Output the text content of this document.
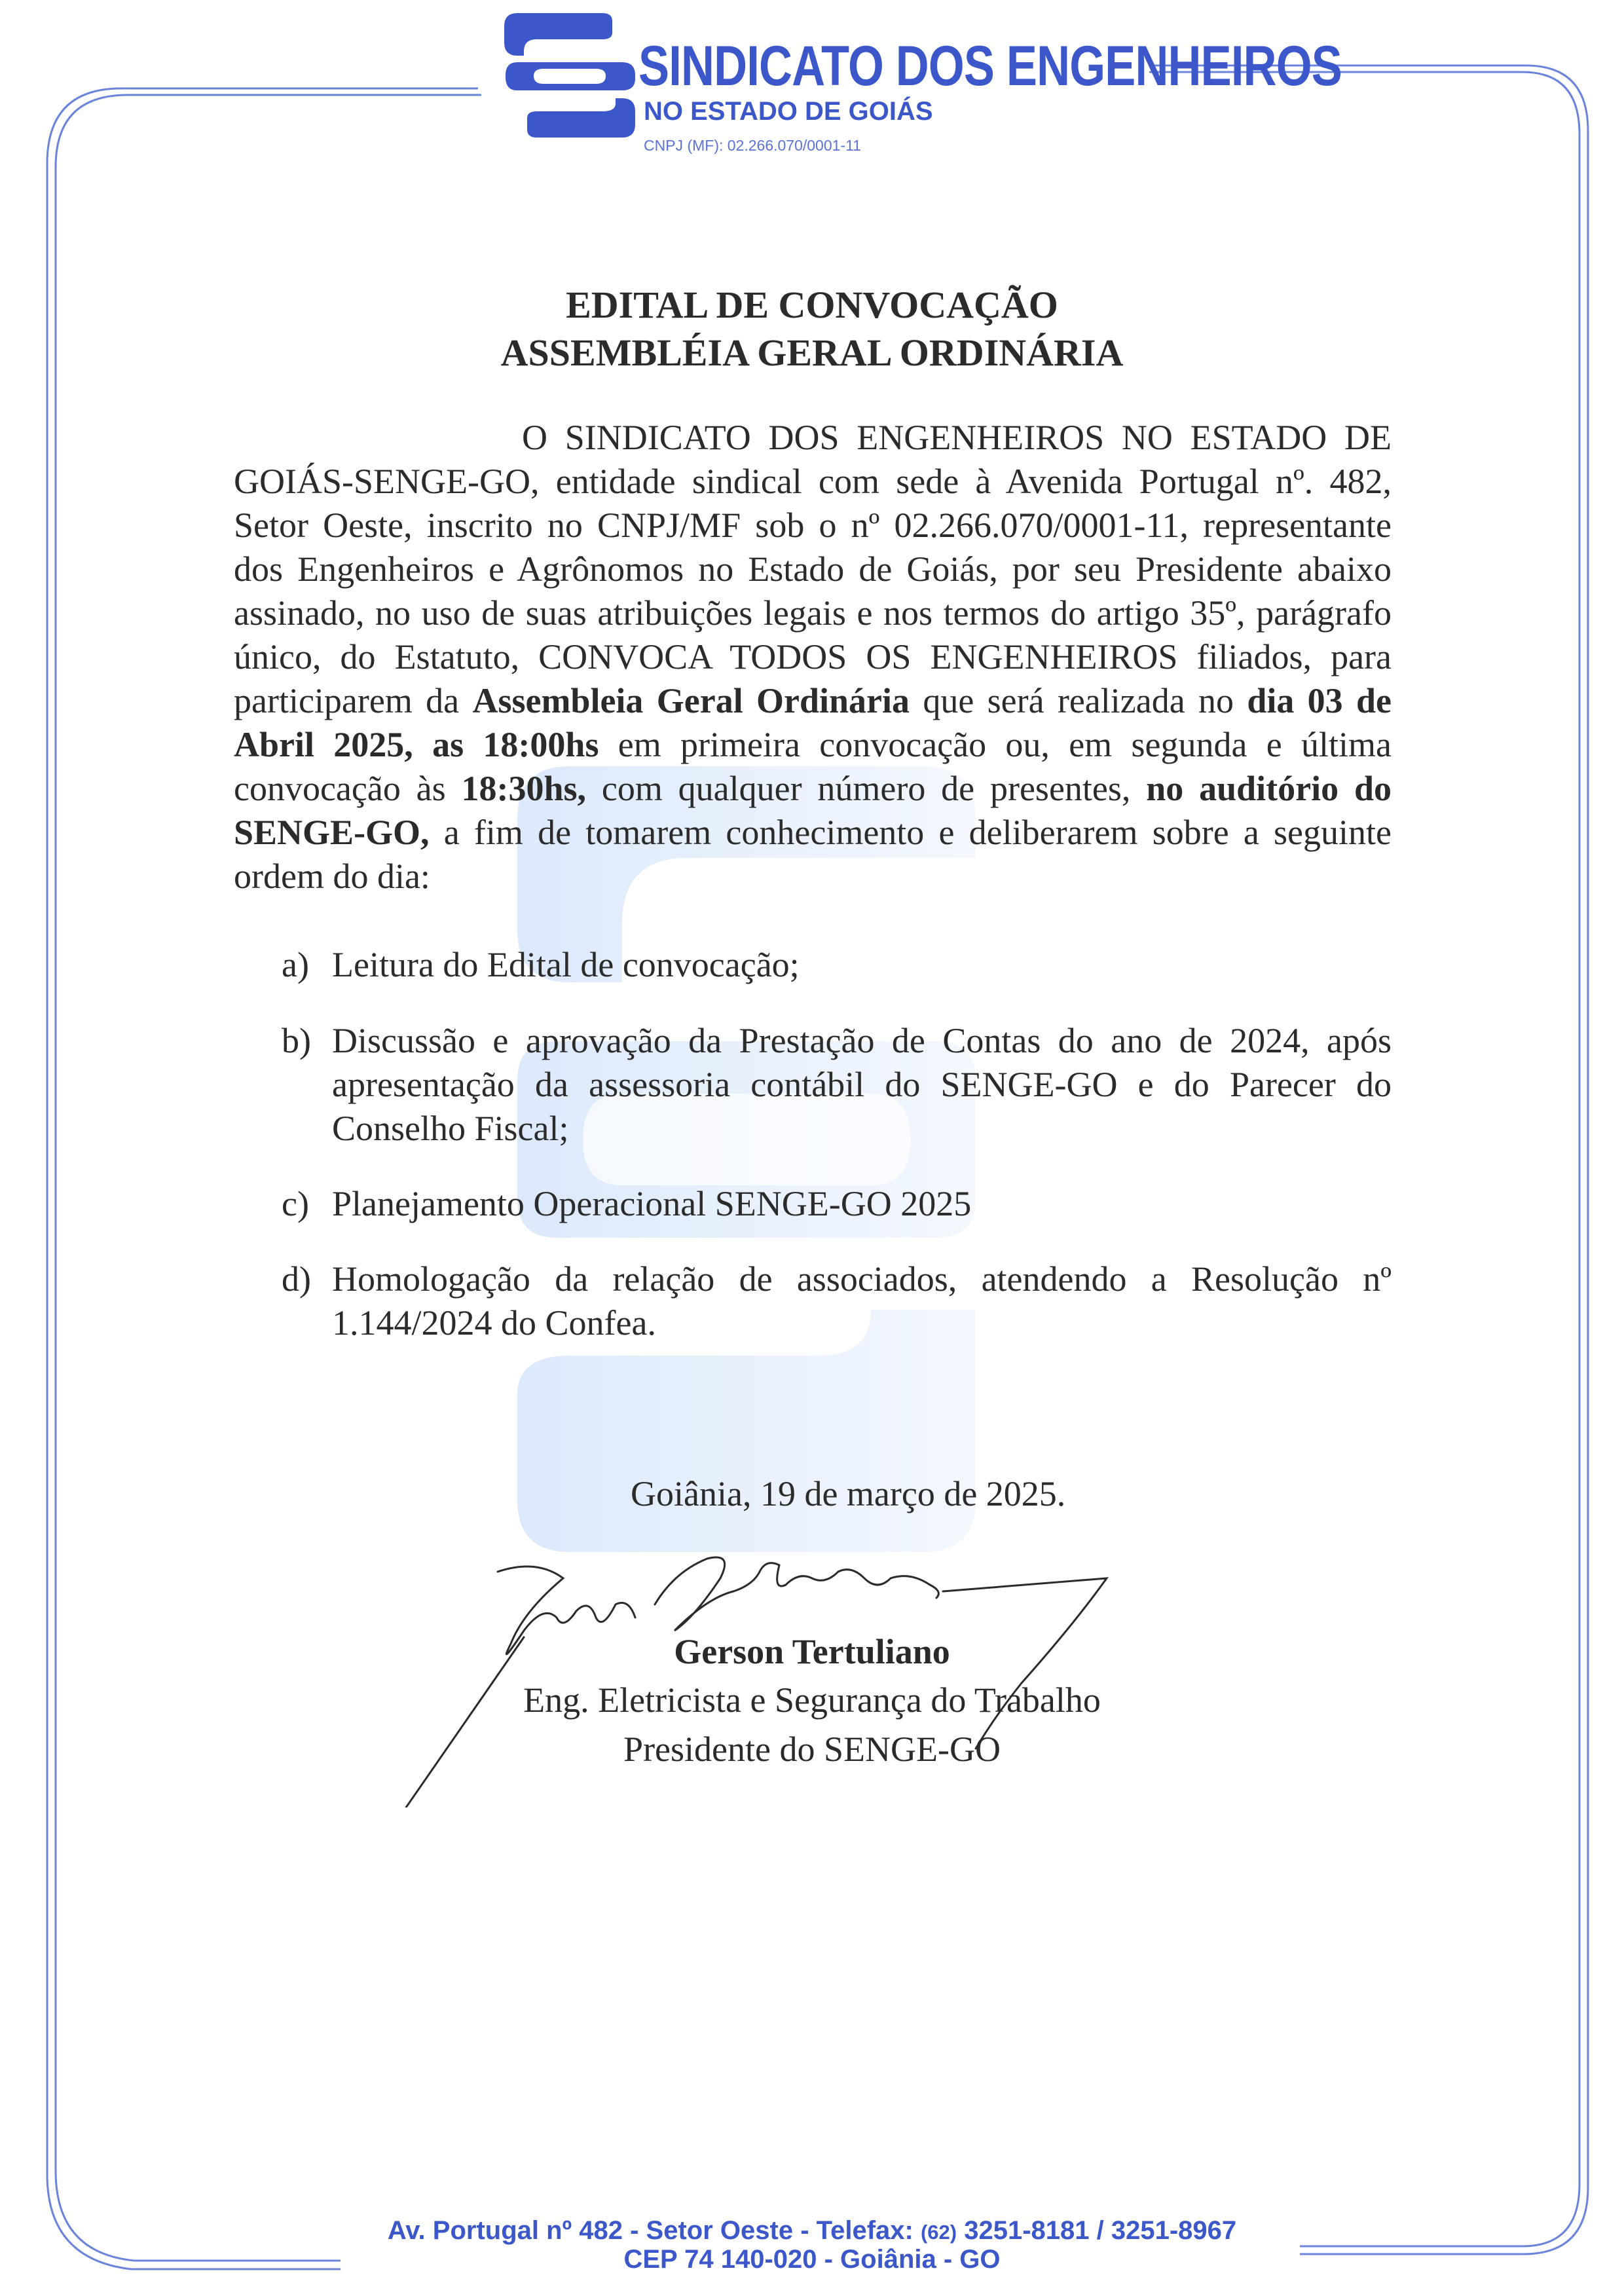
SINDICATO DOS ENGENHEIROS
NO ESTADO DE GOIÁS
CNPJ (MF): 02.266.070/0001-11
EDITAL DE CONVOCAÇÃO
ASSEMBLÉIA GERAL ORDINÁRIA
O SINDICATO DOS ENGENHEIROS NO ESTADO DE GOIÁS-SENGE-GO, entidade sindical com sede à Avenida Portugal nº. 482, Setor Oeste, inscrito no CNPJ/MF sob o nº 02.266.070/0001-11, representante dos Engenheiros e Agrônomos no Estado de Goiás, por seu Presidente abaixo assinado, no uso de suas atribuições legais e nos termos do artigo 35º, parágrafo único, do Estatuto, CONVOCA TODOS OS ENGENHEIROS filiados, para participarem da Assembleia Geral Ordinária que será realizada no dia 03 de Abril 2025, as 18:00hs em primeira convocação ou, em segunda e última convocação às 18:30hs, com qualquer número de presentes, no auditório do SENGE-GO, a fim de tomarem conhecimento e deliberarem sobre a seguinte ordem do dia:
a) Leitura do Edital de convocação;
b) Discussão e aprovação da Prestação de Contas do ano de 2024, após apresentação da assessoria contábil do SENGE-GO e do Parecer do Conselho Fiscal;
c) Planejamento Operacional SENGE-GO 2025
d) Homologação da relação de associados, atendendo a Resolução nº 1.144/2024 do Confea.
Goiânia, 19 de março de 2025.
Gerson Tertuliano
Eng. Eletricista e Segurança do Trabalho
Presidente do SENGE-GO
Av. Portugal nº 482 - Setor Oeste - Telefax: (62) 3251-8181 / 3251-8967
CEP 74 140-020 - Goiânia - GO
